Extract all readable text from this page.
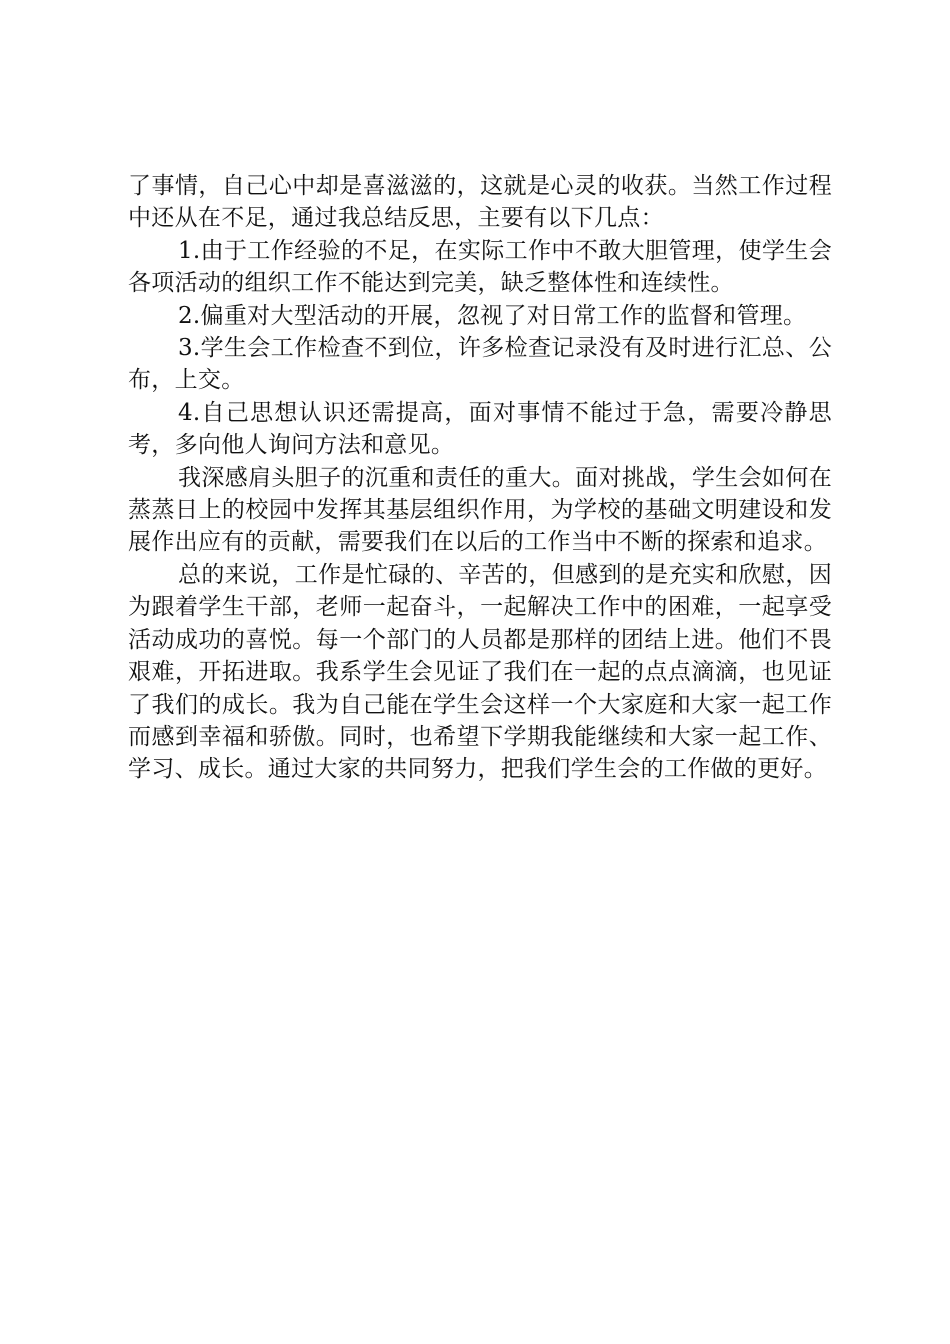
了事情，自己心中却是喜滋滋的，这就是心灵的收获。当然工作过程中还从在不足，通过我总结反思，主要有以下几点：

1.由于工作经验的不足，在实际工作中不敢大胆管理，使学生会各项活动的组织工作不能达到完美，缺乏整体性和连续性。

2.偏重对大型活动的开展，忽视了对日常工作的监督和管理。

3.学生会工作检查不到位，许多检查记录没有及时进行汇总、公布，上交。

4.自己思想认识还需提高，面对事情不能过于急，需要冷静思考，多向他人询问方法和意见。

我深感肩头胆子的沉重和责任的重大。面对挑战，学生会如何在蒸蒸日上的校园中发挥其基层组织作用，为学校的基础文明建设和发展作出应有的贡献，需要我们在以后的工作当中不断的探索和追求。

总的来说，工作是忙碌的、辛苦的，但感到的是充实和欣慰，因为跟着学生干部，老师一起奋斗，一起解决工作中的困难，一起享受活动成功的喜悦。每一个部门的人员都是那样的团结上进。他们不畏艰难，开拓进取。我系学生会见证了我们在一起的点点滴滴，也见证了我们的成长。我为自己能在学生会这样一个大家庭和大家一起工作而感到幸福和骄傲。同时，也希望下学期我能继续和大家一起工作、学习、成长。通过大家的共同努力，把我们学生会的工作做的更好。
